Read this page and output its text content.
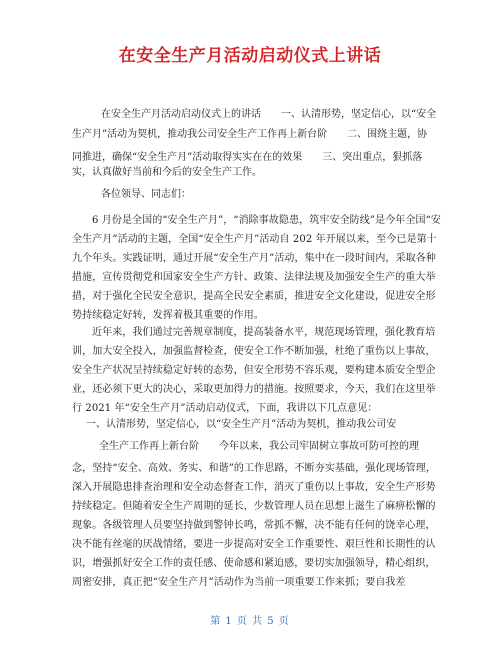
在安全生产月活动启动仪式上讲话
在安全生产月活动启动仪式上的讲话　　一、认清形势，坚定信心，以“安全
生产月”活动为契机，推动我公司安全生产工作再上新台阶　　二、围绕主题，协
同推进，确保“安全生产月”活动取得实实在在的效果　　三、突出重点，狠抓落
实，认真做好当前和今后的安全生产工作。
各位领导、同志们：

6 月份是全国的“安全生产月”，“消除事故隐患，筑牢安全防线”是今年全国“安全生产月”活动的主题，全国“安全生产月”活动自 202 年开展以来，至今已是第十九个年头。实践证明，通过开展“安全生产月”活动，集中在一段时间内，采取各种措施，宣传贯彻党和国家安全生产方针、政策、法律法规及加强安全生产的重大举措，对于强化全民安全意识，提高全民安全素质，推进安全文化建设，促进安全形势持续稳定好转，发挥着极其重要的作用。

近年来，我们通过完善规章制度，提高装备水平，规范现场管理，强化教育培训，加大安全投入，加强监督检查，使安全工作不断加强，杜绝了重伤以上事故，安全生产状况呈持续稳定好转的态势，但安全形势不容乐观，要构建本质安全型企业，还必须下更大的决心，采取更加得力的措施。按照要求，今天，我们在这里举行 2021 年“安全生产月”活动启动仪式，下面，我讲以下几点意见：

一、认清形势，坚定信心，以“安全生产月”活动为契机，推动我公司安
全生产工作再上新台阶　　今年以来，我公司牢固树立事故可防可控的理

念，坚持“安全、高效、务实、和谐”的工作思路，不断夯实基础，强化现场管理，深入开展隐患排查治理和安全动态督查工作，消灭了重伤以上事故，安全生产形势持续稳定。但随着安全生产周期的延长，少数管理人员在思想上滋生了麻痹松懈的现象。各级管理人员要坚持做到警钟长鸣，常抓不懈，决不能有任何的饶幸心理，决不能有丝毫的厌战情绪，要进一步提高对安全工作重要性、艰巨性和长期性的认识，增强抓好安全工作的责任感、使命感和紧迫感，要切实加强领导，精心组织，周密安排，真正把“安全生产月”活动作为当前一项重要工作来抓；要自我差

第 1 页 共 5 页
